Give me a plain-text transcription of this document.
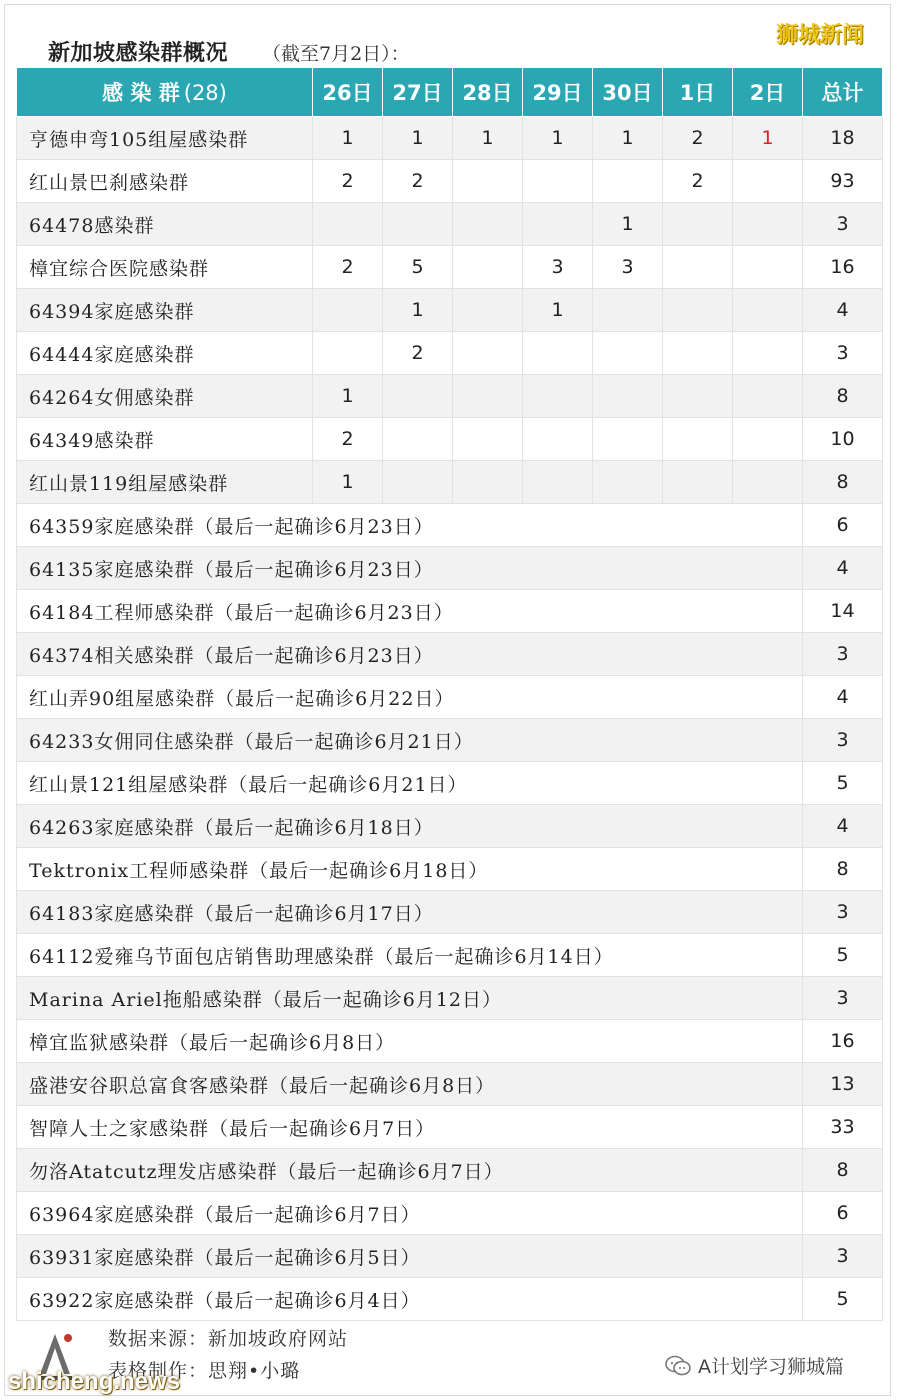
新加坡感染群概况 （截至7月2日）：
狮城新闻
感 染 群 (28)	26日	27日	28日	29日	30日	1日	2日	总计
亨德申弯105组屋感染群	1	1	1	1	1	2	1	18
红山景巴刹感染群	2	2				2		93
64478感染群					1			3
樟宜综合医院感染群	2	5		3	3			16
64394家庭感染群		1		1				4
64444家庭感染群		2						3
64264女佣感染群	1							8
64349感染群	2							10
红山景119组屋感染群	1							8
64359家庭感染群（最后一起确诊6月23日）								6
64135家庭感染群（最后一起确诊6月23日）								4
64184工程师感染群（最后一起确诊6月23日）								14
64374相关感染群（最后一起确诊6月23日）								3
红山弄90组屋感染群（最后一起确诊6月22日）								4
64233女佣同住感染群（最后一起确诊6月21日）								3
红山景121组屋感染群（最后一起确诊6月21日）								5
64263家庭感染群（最后一起确诊6月18日）								4
Tektronix工程师感染群（最后一起确诊6月18日）								8
64183家庭感染群（最后一起确诊6月17日）								3
64112爱雍乌节面包店销售助理感染群（最后一起确诊6月14日）								5
Marina Ariel拖船感染群（最后一起确诊6月12日）								3
樟宜监狱感染群（最后一起确诊6月8日）								16
盛港安谷职总富食客感染群（最后一起确诊6月8日）								13
智障人士之家感染群（最后一起确诊6月7日）								33
勿洛Atatcutz理发店感染群（最后一起确诊6月7日）								8
63964家庭感染群（最后一起确诊6月7日）								6
63931家庭感染群（最后一起确诊6月5日）								3
63922家庭感染群（最后一起确诊6月4日）								5
数据来源：新加坡政府网站
表格制作：思翔•小璐	A计划学习狮城篇
shicheng.news
